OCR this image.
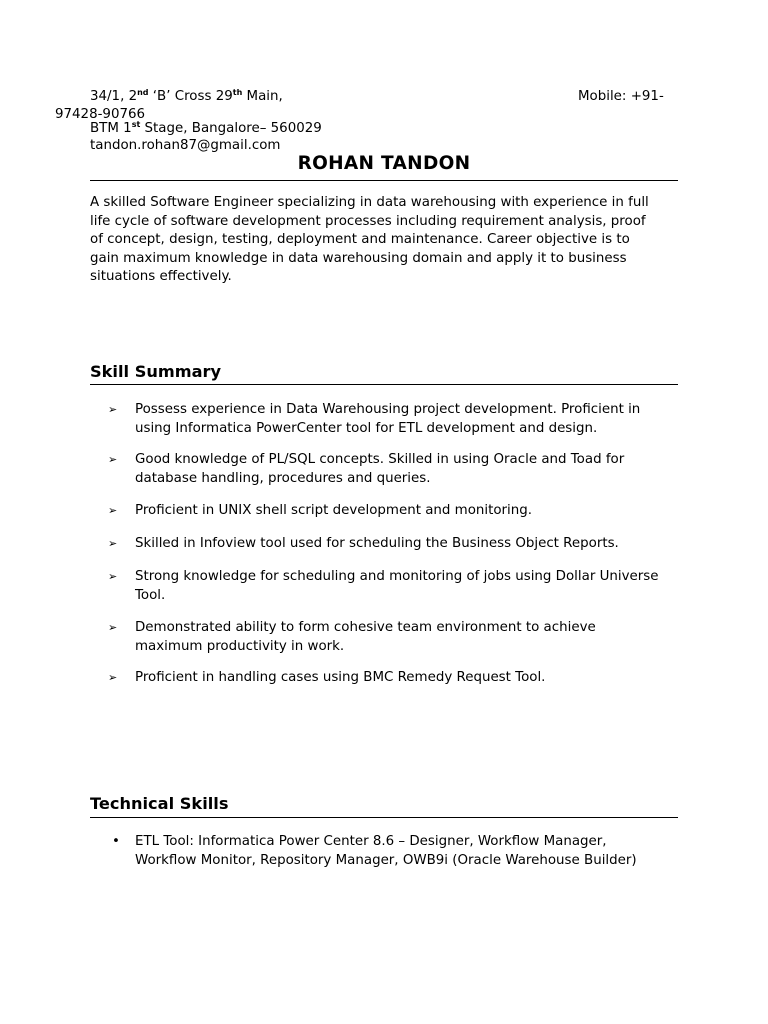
34/1, 2nd ‘B’ Cross 29th Main,	Mobile: +91-
97428-90766
BTM 1st Stage, Bangalore– 560029
tandon.rohan87@gmail.com
ROHAN TANDON
A skilled Software Engineer specializing in data warehousing with experience in full
life cycle of software development processes including requirement analysis, proof
of concept, design, testing, deployment and maintenance. Career objective is to
gain maximum knowledge in data warehousing domain and apply it to business
situations effectively.
Skill Summary
➢	Possess experience in Data Warehousing project development. Proficient in
using Informatica PowerCenter tool for ETL development and design.
➢	Good knowledge of PL/SQL concepts. Skilled in using Oracle and Toad for
database handling, procedures and queries.
➢	Proficient in UNIX shell script development and monitoring.
➢	Skilled in Infoview tool used for scheduling the Business Object Reports.
➢	Strong knowledge for scheduling and monitoring of jobs using Dollar Universe
Tool.
➢	Demonstrated ability to form cohesive team environment to achieve
maximum productivity in work.
➢	Proficient in handling cases using BMC Remedy Request Tool.
Technical Skills
• ETL Tool: Informatica Power Center 8.6 – Designer, Workflow Manager,
Workflow Monitor, Repository Manager, OWB9i (Oracle Warehouse Builder)
